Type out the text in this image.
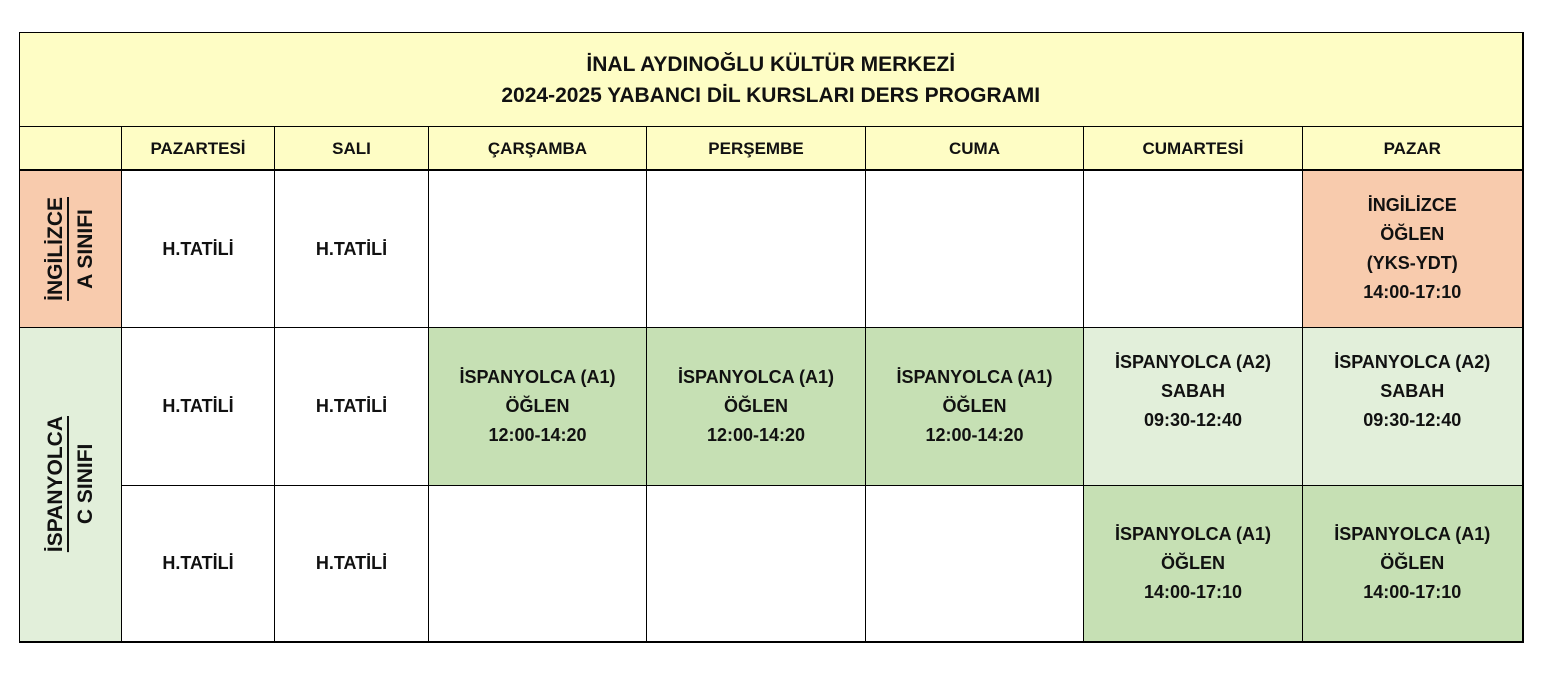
İNAL AYDINOĞLU KÜLTÜR MERKEZİ
2024-2025 YABANCI DİL KURSLARI DERS PROGRAMI							

	PAZARTESİ	SALI	ÇARŞAMBA	PERŞEMBE	CUMA	CUMARTESİ	PAZAR

İNGİLİZCE A SINIFI	H.TATİLİ	H.TATİLİ					İNGİLİZCE
ÖĞLEN
(YKS-YDT)
14:00-17:10

İSPANYOLCA C SINIFI	H.TATİLİ	H.TATİLİ	İSPANYOLCA (A1)
ÖĞLEN
12:00-14:20	İSPANYOLCA (A1)
ÖĞLEN
12:00-14:20	İSPANYOLCA (A1)
ÖĞLEN
12:00-14:20	İSPANYOLCA (A2)
SABAH
09:30-12:40	İSPANYOLCA (A2)
SABAH
09:30-12:40

	H.TATİLİ	H.TATİLİ				İSPANYOLCA (A1)
ÖĞLEN
14:00-17:10	İSPANYOLCA (A1)
ÖĞLEN
14:00-17:10
